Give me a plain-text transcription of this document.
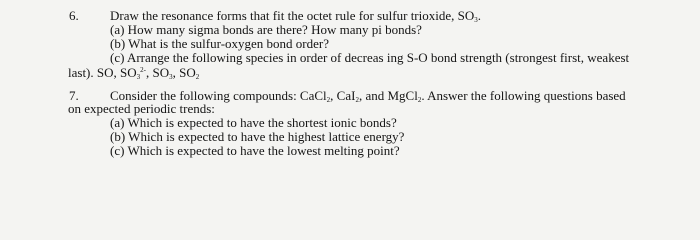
6. Draw the resonance forms that fit the octet rule for sulfur trioxide, $SO_3$.
(a) How many sigma bonds are there? How many pi bonds?
(b) What is the sulfur-oxygen bond order?
(c) Arrange the following species in order of decreas ing S-O bond strength (strongest first, weakest
last). SO, $SO_3^{2-}$, $SO_3$, $SO_2$
7. Consider the following compounds: CaCl$_2$, CaI$_2$, and MgCl$_2$. Answer the following questions based
on expected periodic trends:
(a) Which is expected to have the shortest ionic bonds?
(b) Which is expected to have the highest lattice energy?
(c) Which is expected to have the lowest melting point?
